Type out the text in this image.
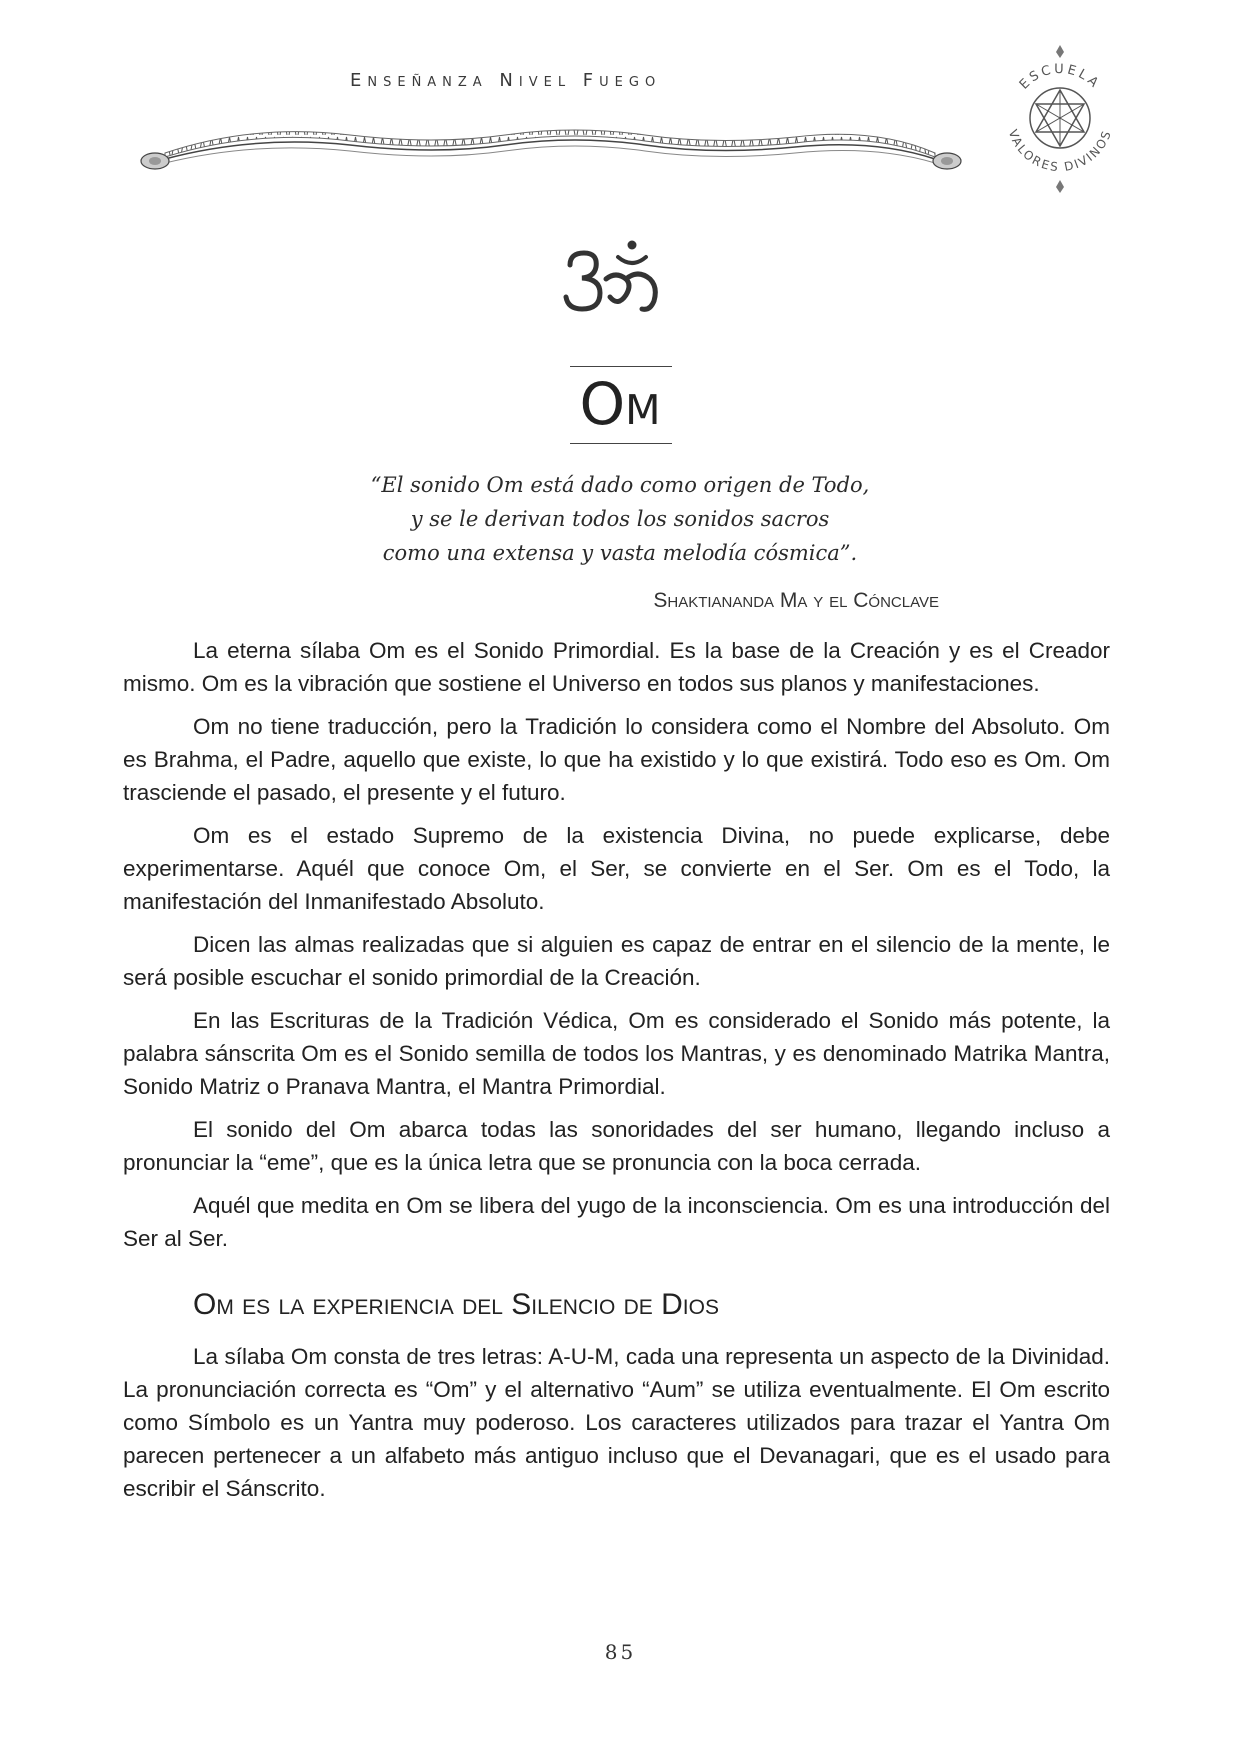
Enseñanza Nivel Fuego	ESCUELA
VALORES DIVINOS
Om
“El sonido Om está dado como origen de Todo,
y se le derivan todos los sonidos sacros
como una extensa y vasta melodía cósmica”.

Shaktiananda Ma y el Cónclave

La eterna sílaba Om es el Sonido Primordial. Es la base de la Creación y es el Creador mismo. Om es la vibración que sostiene el Universo en todos sus planos y manifestaciones.

Om no tiene traducción, pero la Tradición lo considera como el Nombre del Absoluto. Om es Brahma, el Padre, aquello que existe, lo que ha existido y lo que existirá. Todo eso es Om. Om trasciende el pasado, el presente y el futuro.

Om es el estado Supremo de la existencia Divina, no puede explicarse, debe experimentarse. Aquél que conoce Om, el Ser, se convierte en el Ser. Om es el Todo, la manifestación del Inmanifestado Absoluto.

Dicen las almas realizadas que si alguien es capaz de entrar en el silencio de la mente, le será posible escuchar el sonido primordial de la Creación.

En las Escrituras de la Tradición Védica, Om es considerado el Sonido más potente, la palabra sánscrita Om es el Sonido semilla de todos los Mantras, y es denominado Matrika Mantra, Sonido Matriz o Pranava Mantra, el Mantra Primordial.

El sonido del Om abarca todas las sonoridades del ser humano, llegando incluso a pronunciar la “eme”, que es la única letra que se pronuncia con la boca cerrada.

Aquél que medita en Om se libera del yugo de la inconsciencia. Om es una introducción del Ser al Ser.

Om es la experiencia del Silencio de Dios

La sílaba Om consta de tres letras: A-U-M, cada una representa un aspecto de la Divinidad. La pronunciación correcta es “Om” y el alternativo “Aum” se utiliza eventualmente. El Om escrito como Símbolo es un Yantra muy poderoso. Los caracteres utilizados para trazar el Yantra Om parecen pertenecer a un alfabeto más antiguo incluso que el Devanagari, que es el usado para escribir el Sánscrito.

85
